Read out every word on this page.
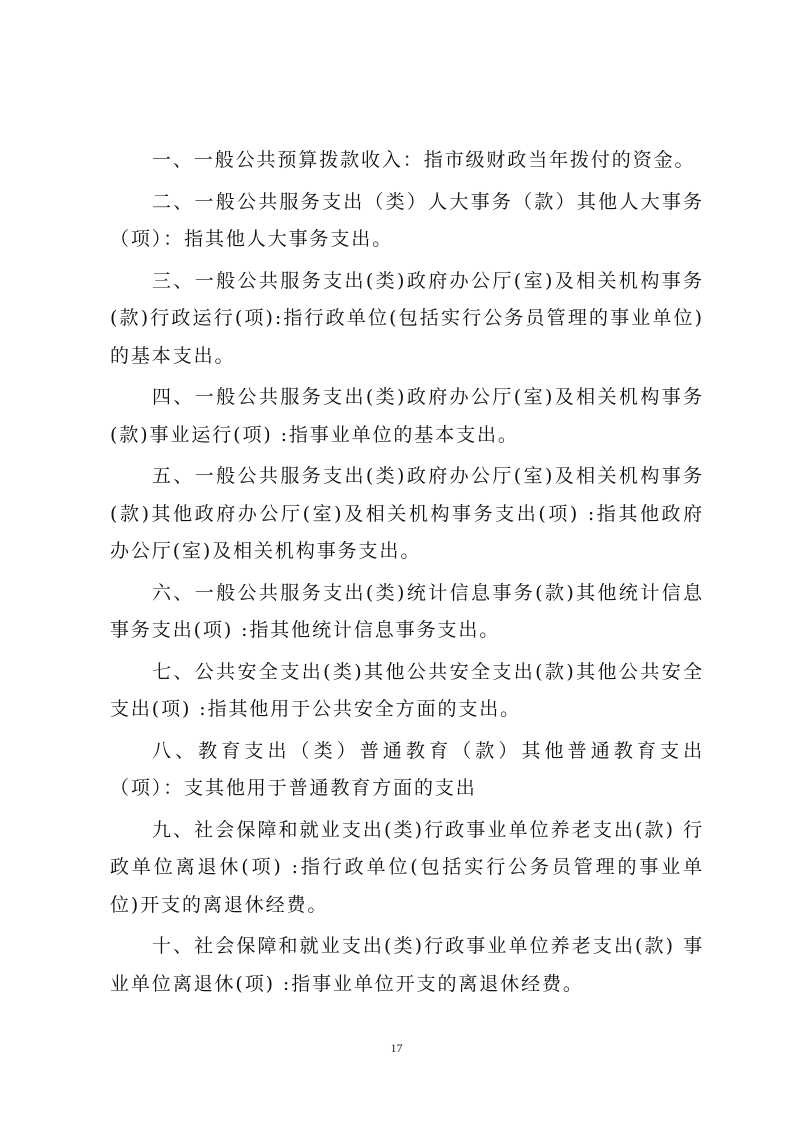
一、一般公共预算拨款收入：指市级财政当年拨付的资金。

二、一般公共服务支出（类）人大事务（款）其他人大事务（项）：指其他人大事务支出。

三、一般公共服务支出(类)政府办公厅(室)及相关机构事务(款)行政运行(项):指行政单位(包括实行公务员管理的事业单位)的基本支出。

四、一般公共服务支出(类)政府办公厅(室)及相关机构事务(款)事业运行(项) :指事业单位的基本支出。

五、一般公共服务支出(类)政府办公厅(室)及相关机构事务(款)其他政府办公厅(室)及相关机构事务支出(项) :指其他政府办公厅(室)及相关机构事务支出。

六、一般公共服务支出(类)统计信息事务(款)其他统计信息事务支出(项) :指其他统计信息事务支出。

七、公共安全支出(类)其他公共安全支出(款)其他公共安全支出(项) :指其他用于公共安全方面的支出。

八、教育支出（类）普通教育（款）其他普通教育支出（项）：支其他用于普通教育方面的支出

九、社会保障和就业支出(类)行政事业单位养老支出(款) 行政单位离退休(项) :指行政单位(包括实行公务员管理的事业单位)开支的离退休经费。

十、社会保障和就业支出(类)行政事业单位养老支出(款) 事业单位离退休(项) :指事业单位开支的离退休经费。

17
